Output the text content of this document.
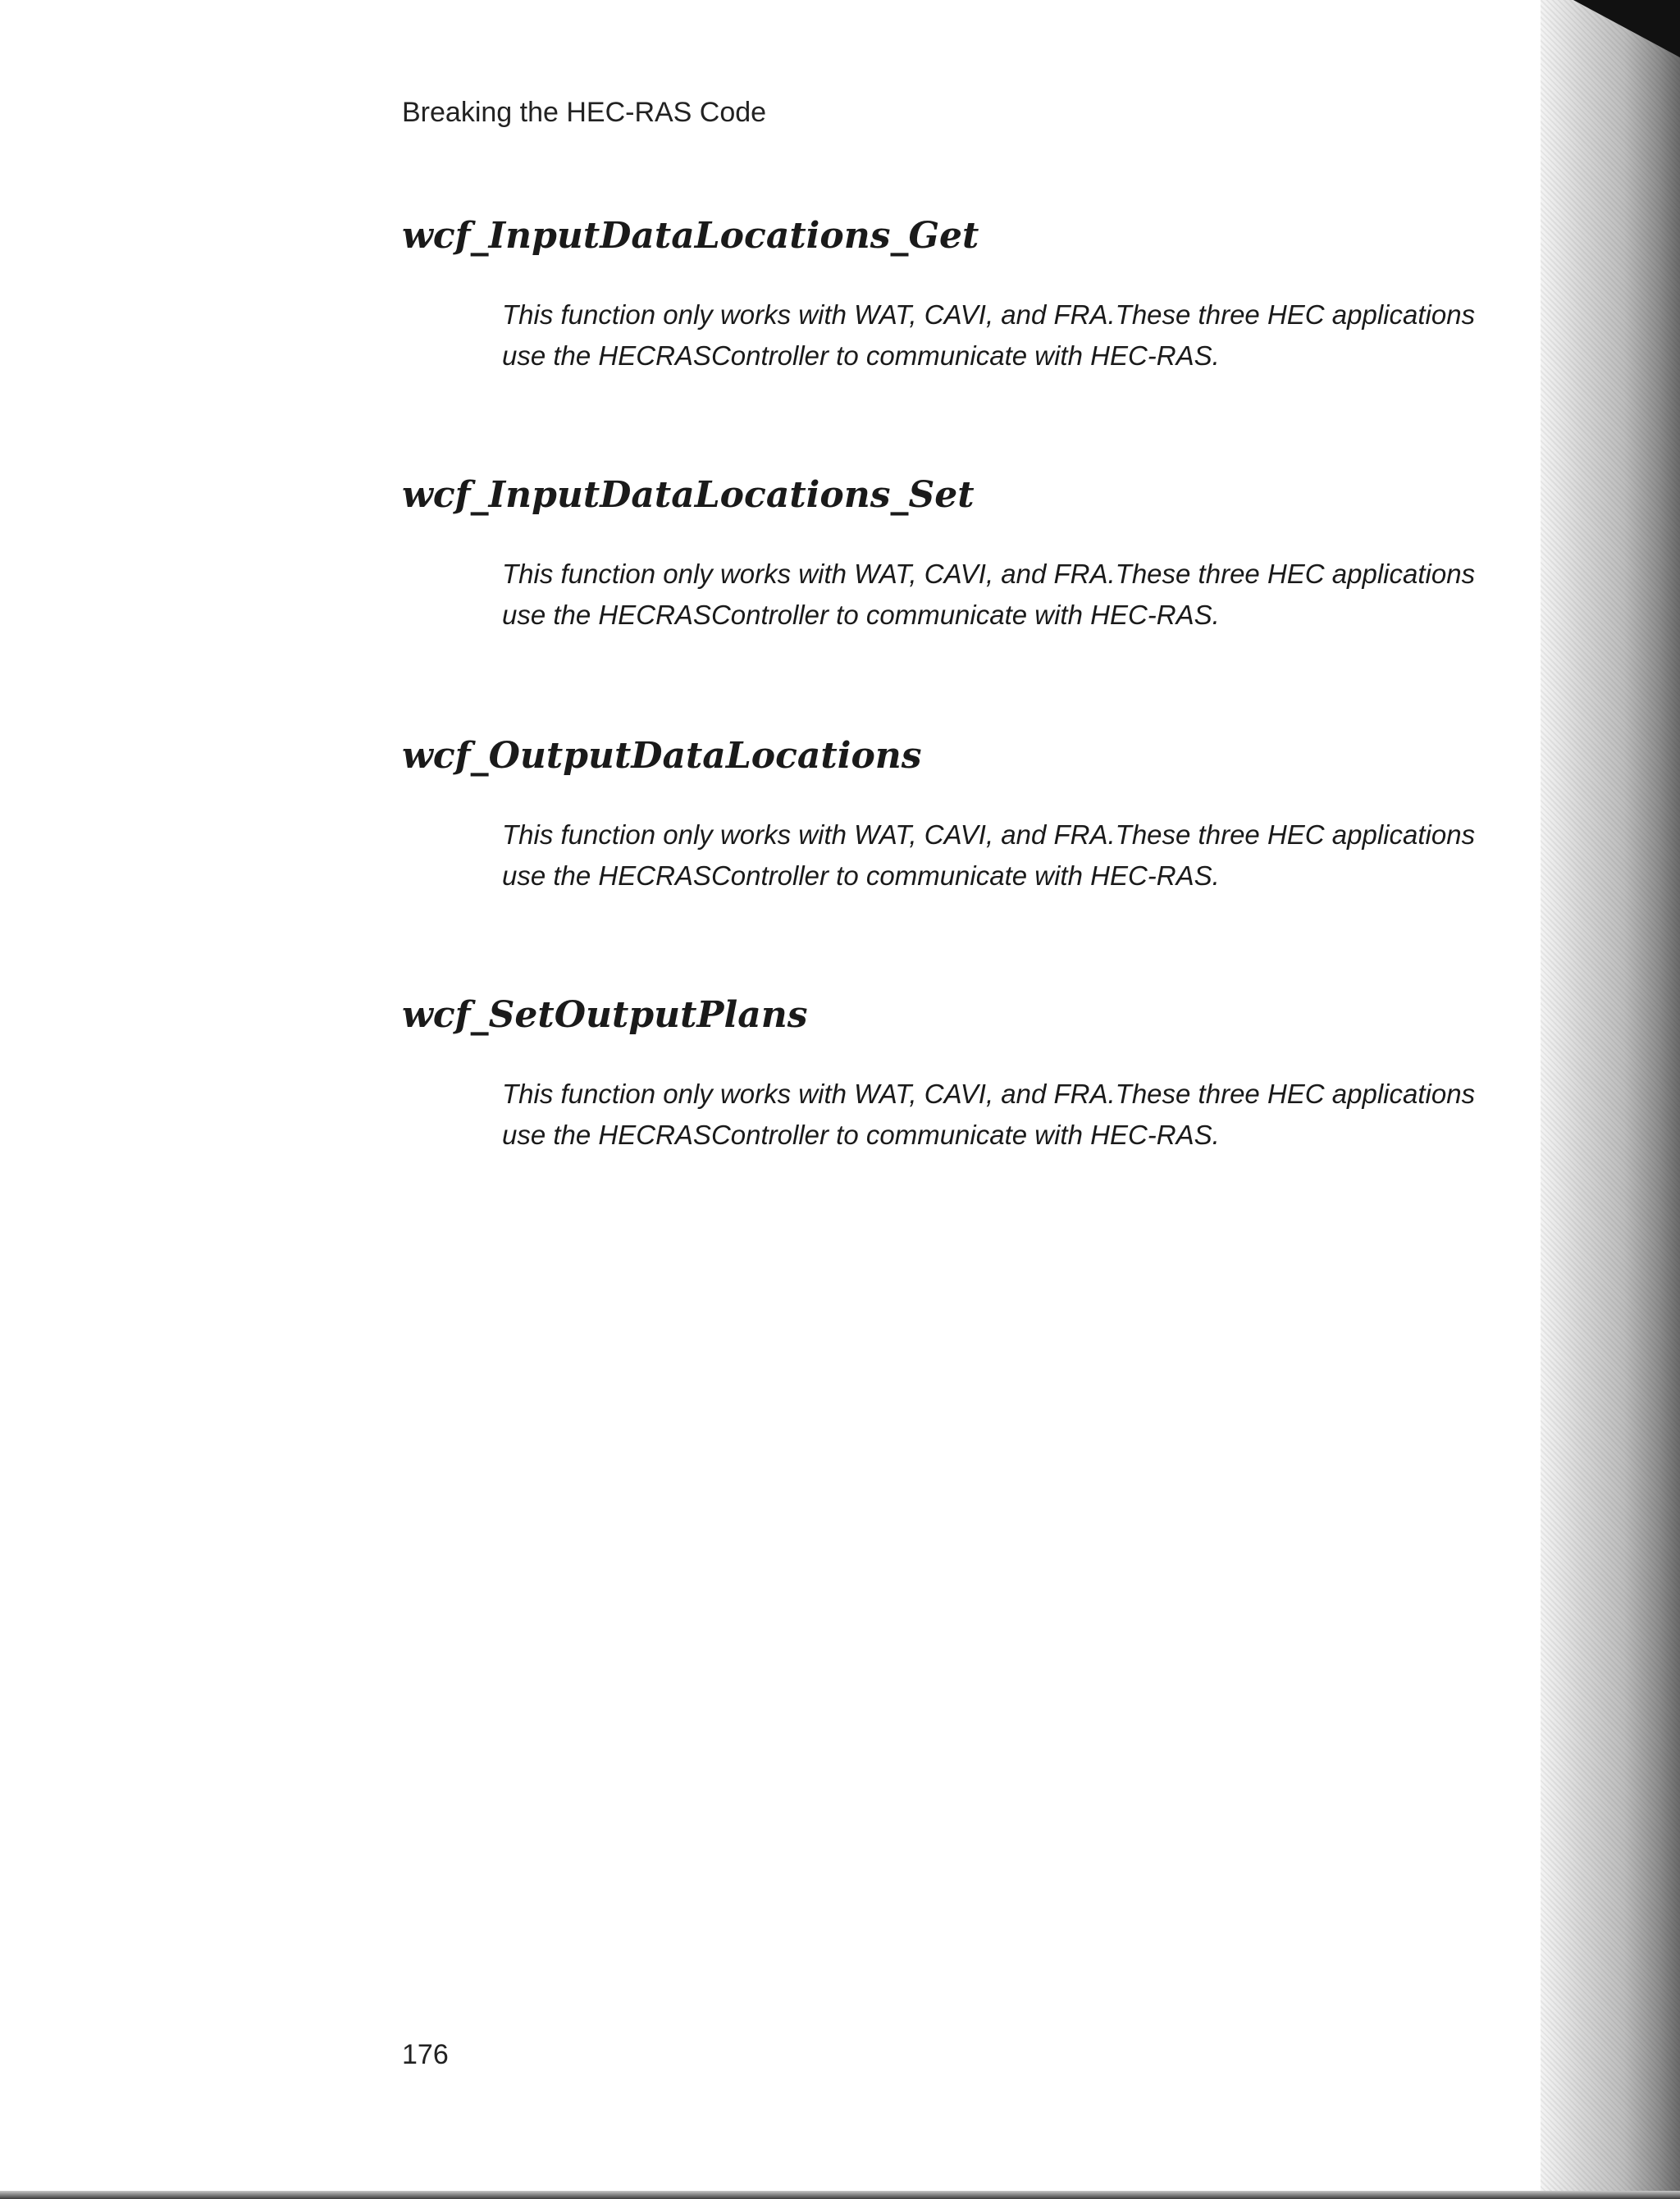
Breaking the HEC-RAS Code
wcf_InputDataLocations_Get
This function only works with WAT, CAVI, and FRA.These three HEC applications
use the HECRASController to communicate with HEC-RAS.
wcf_InputDataLocations_Set
This function only works with WAT, CAVI, and FRA.These three HEC applications
use the HECRASController to communicate with HEC-RAS.
wcf_OutputDataLocations
This function only works with WAT, CAVI, and FRA.These three HEC applications
use the HECRASController to communicate with HEC-RAS.
wcf_SetOutputPlans
This function only works with WAT, CAVI, and FRA.These three HEC applications
use the HECRASController to communicate with HEC-RAS.
176
